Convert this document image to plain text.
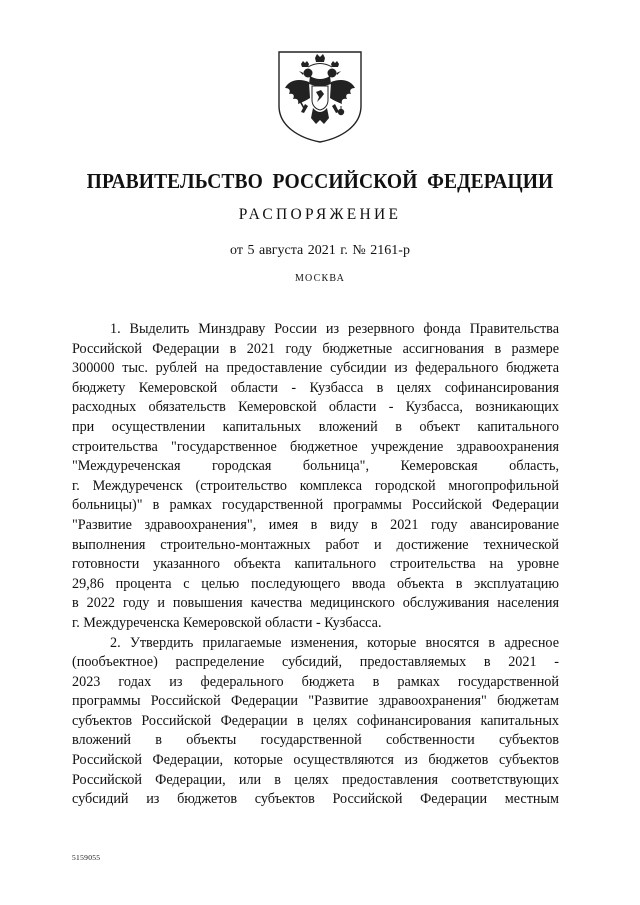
ПРАВИТЕЛЬСТВО РОССИЙСКОЙ ФЕДЕРАЦИИ
РАСПОРЯЖЕНИЕ
от 5 августа 2021 г. № 2161-р
МОСКВА
1. Выделить Минздраву России из резервного фонда Правительства
Российской Федерации в 2021 году бюджетные ассигнования в размере
300000 тыс. рублей на предоставление субсидии из федерального бюджета
бюджету Кемеровской области - Кузбасса в целях софинансирования
расходных обязательств Кемеровской области - Кузбасса, возникающих
при осуществлении капитальных вложений в объект капитального
строительства "государственное бюджетное учреждение здравоохранения
"Междуреченская городская больница", Кемеровская область,
г. Междуреченск (строительство комплекса городской многопрофильной
больницы)" в рамках государственной программы Российской Федерации
"Развитие здравоохранения", имея в виду в 2021 году авансирование
выполнения строительно-монтажных работ и достижение технической
готовности указанного объекта капитального строительства на уровне
29,86 процента с целью последующего ввода объекта в эксплуатацию
в 2022 году и повышения качества медицинского обслуживания населения
г. Междуреченска Кемеровской области - Кузбасса.
2. Утвердить прилагаемые изменения, которые вносятся в адресное
(пообъектное) распределение субсидий, предоставляемых в 2021 -
2023 годах из федерального бюджета в рамках государственной
программы Российской Федерации "Развитие здравоохранения" бюджетам
субъектов Российской Федерации в целях софинансирования капитальных
вложений в объекты государственной собственности субъектов
Российской Федерации, которые осуществляются из бюджетов субъектов
Российской Федерации, или в целях предоставления соответствующих
субсидий из бюджетов субъектов Российской Федерации местным
5159055
